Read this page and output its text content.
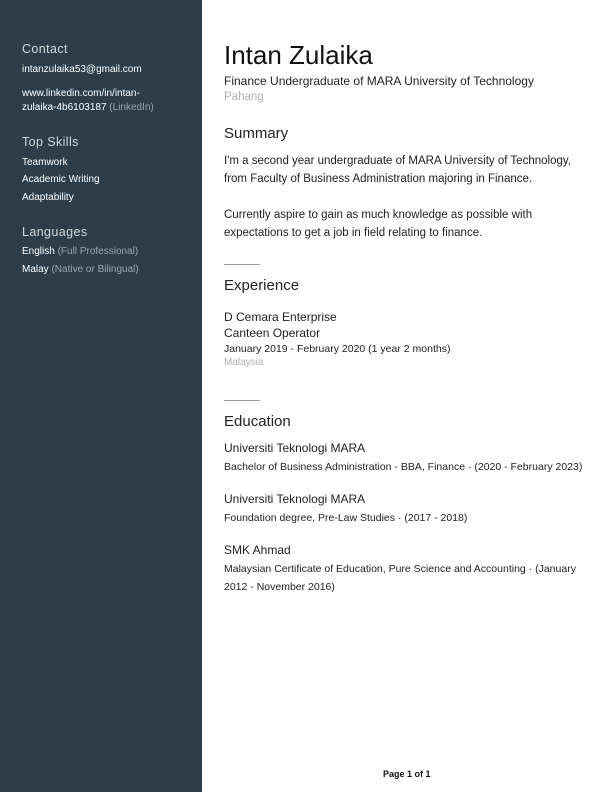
Contact
intanzulaika53@gmail.com
www.linkedin.com/in/intan-
zulaika-4b6103187 (LinkedIn)
Top Skills
Teamwork
Academic Writing
Adaptability
Languages
English (Full Professional)
Malay (Native or Bilingual)
Intan Zulaika
Finance Undergraduate of MARA University of Technology
Pahang
Summary
I'm a second year undergraduate of MARA University of Technology,
from Faculty of Business Administration majoring in Finance.
Currently aspire to gain as much knowledge as possible with
expectations to get a job in field relating to finance.
Experience
D Cemara Enterprise
Canteen Operator
January 2019 - February 2020 (1 year 2 months)
Malaysia
Education
Universiti Teknologi MARA
Bachelor of Business Administration - BBA, Finance · (2020 - February 2023)
Universiti Teknologi MARA
Foundation degree, Pre-Law Studies · (2017 - 2018)
SMK Ahmad
Malaysian Certificate of Education, Pure Science and Accounting · (January
2012 - November 2016)
Page 1 of 1
